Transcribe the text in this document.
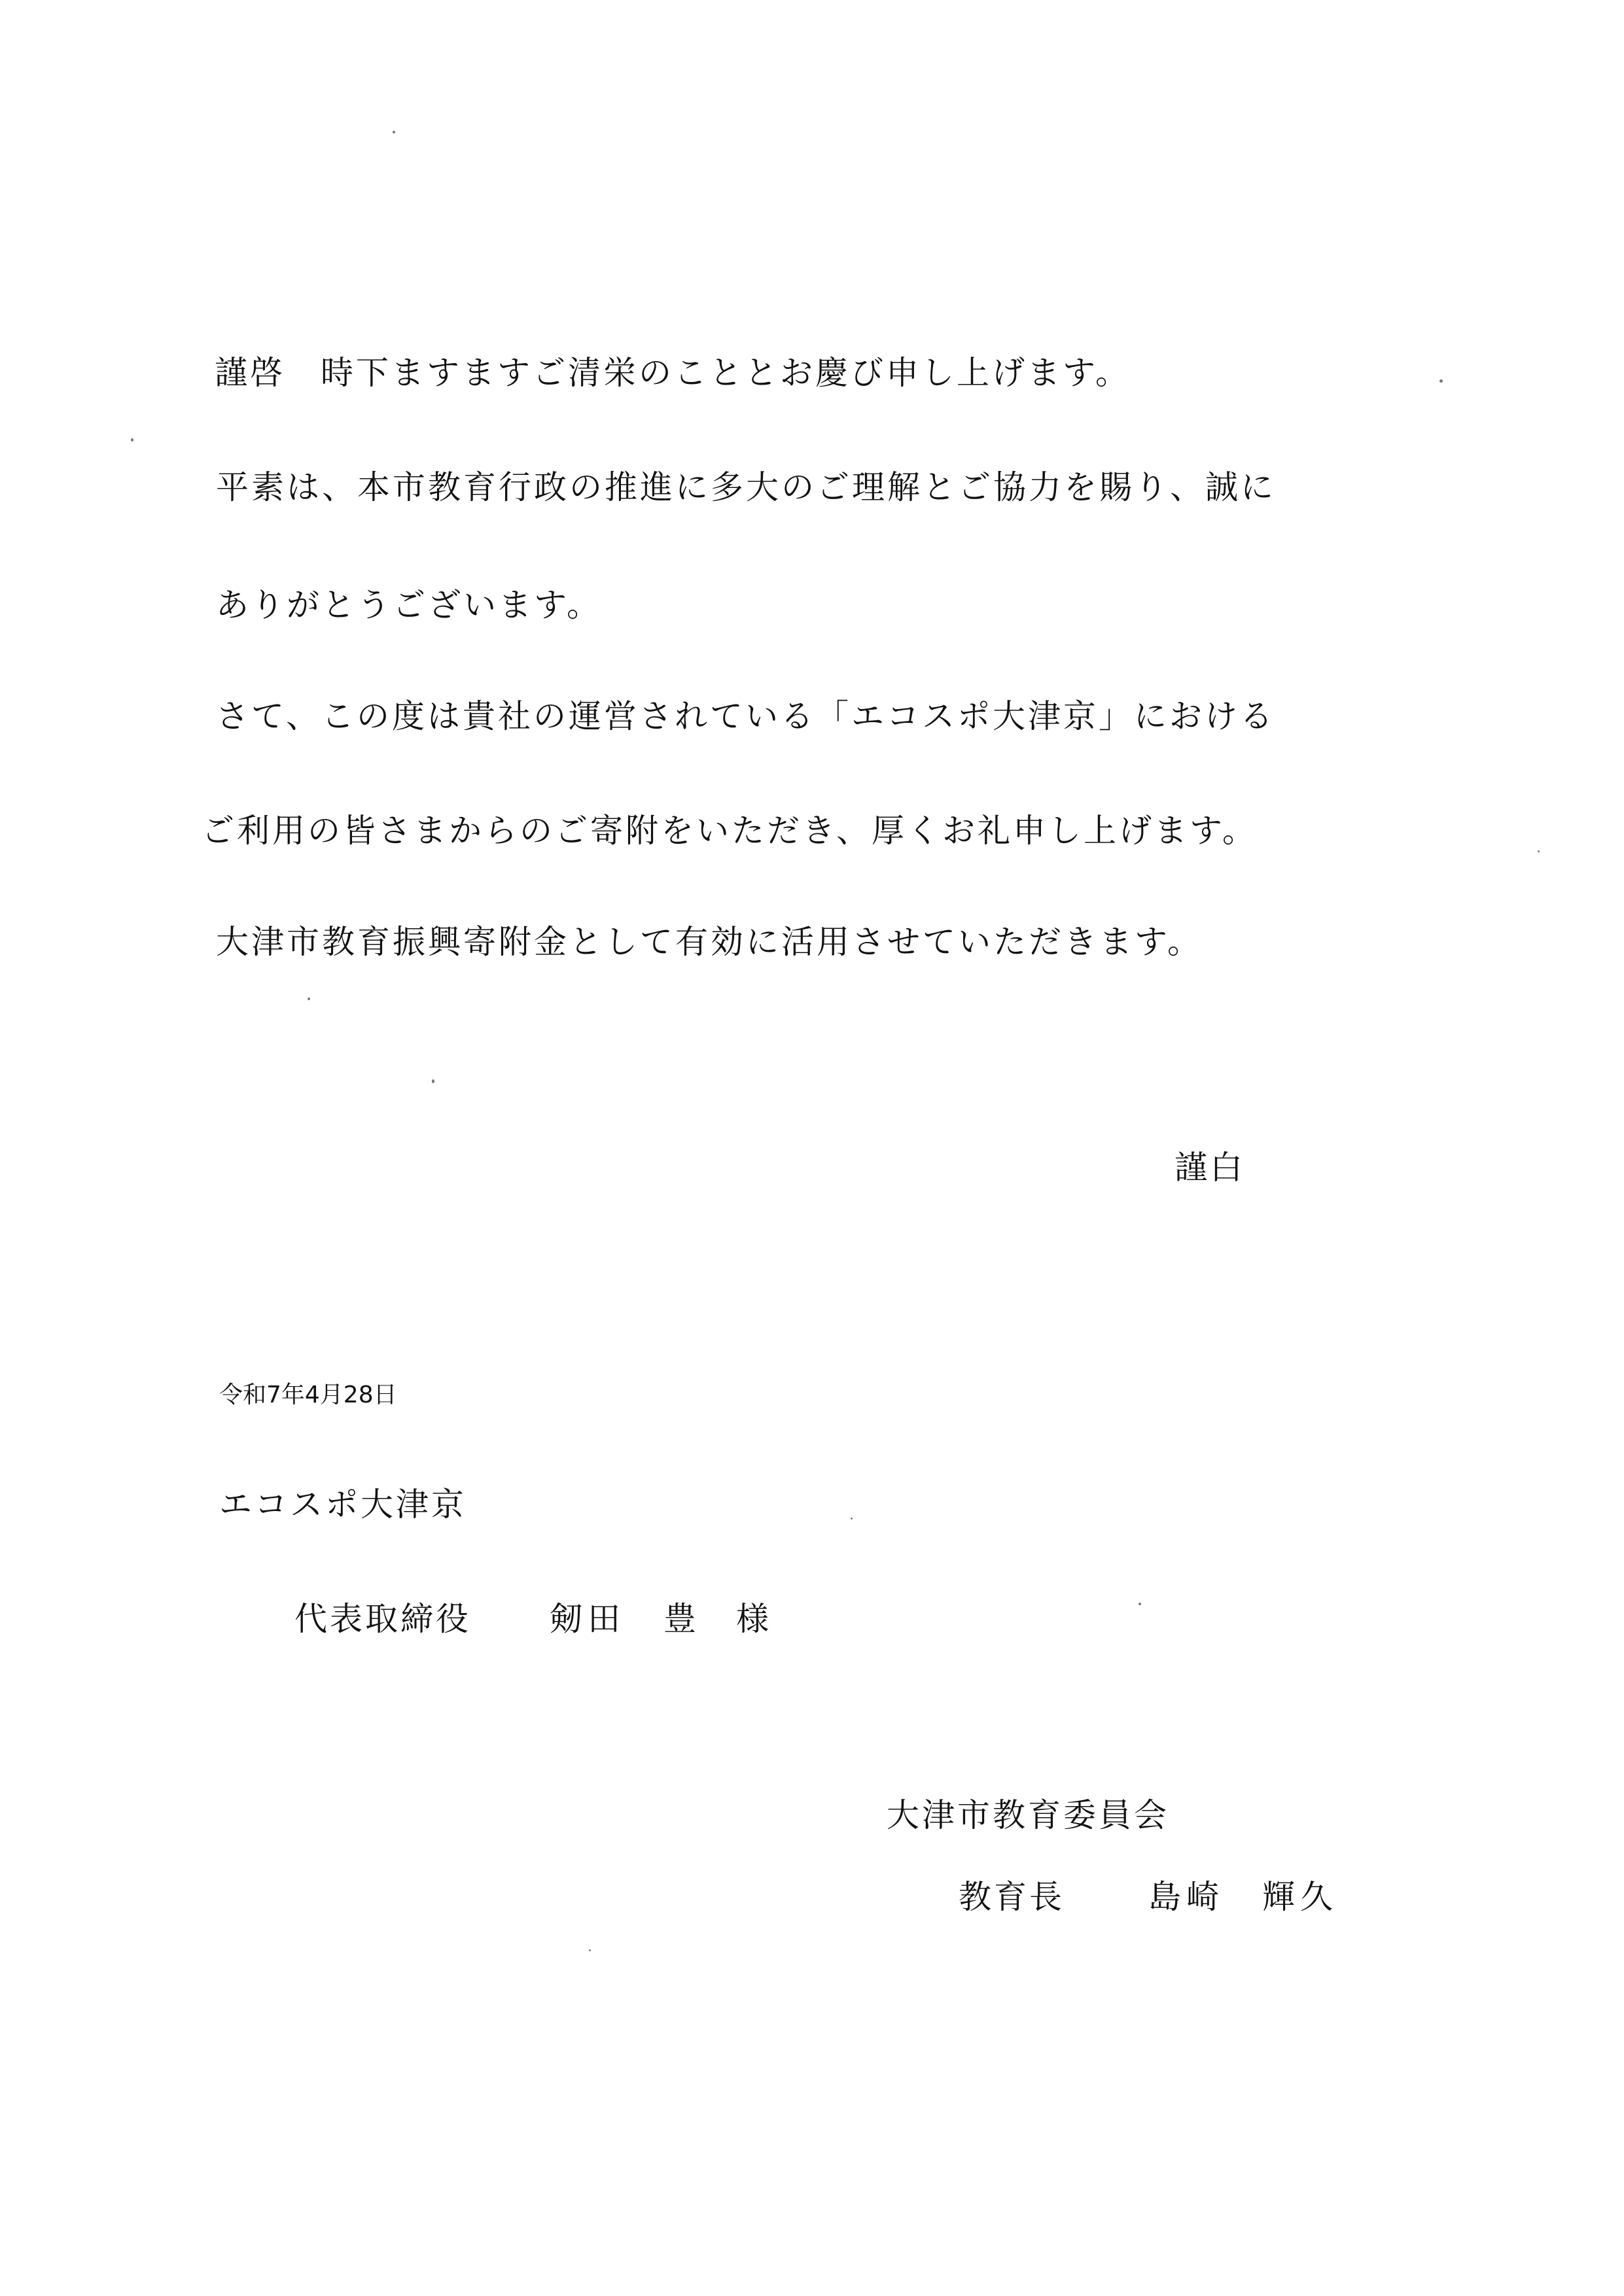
謹啓　時下ますますご清栄のこととお慶び申し上げます。
平素は、本市教育行政の推進に多大のご理解とご協力を賜り、誠に
ありがとうございます。
さて、この度は貴社の運営されている「エコスポ大津京」における
ご利用の皆さまからのご寄附をいただき、厚くお礼申し上げます。
大津市教育振興寄附金として有効に活用させていただきます。
謹白
令和7年4月28日
エコスポ大津京
代表取締役 剱田　豊 様
大津市教育委員会
教育長	島崎　輝久
